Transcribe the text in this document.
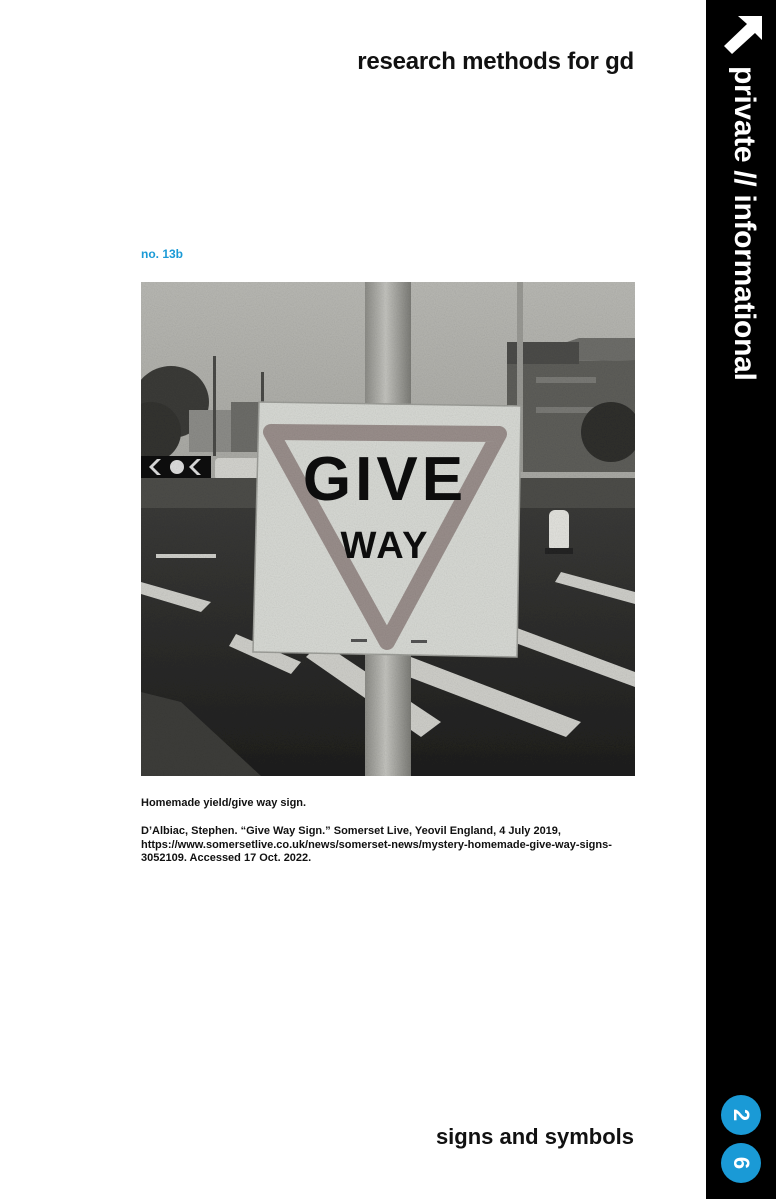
research methods for gd
no. 13b
GIVE
WAY
Homemade yield/give way sign.
D’Albiac, Stephen. “Give Way Sign.” Somerset Live, Yeovil England, 4 July 2019, https://www.somersetlive.co.uk/news/somerset-news/mystery-homemade-give-way-signs-3052109. Accessed 17 Oct. 2022.
signs and symbols
private // informational
2
6
